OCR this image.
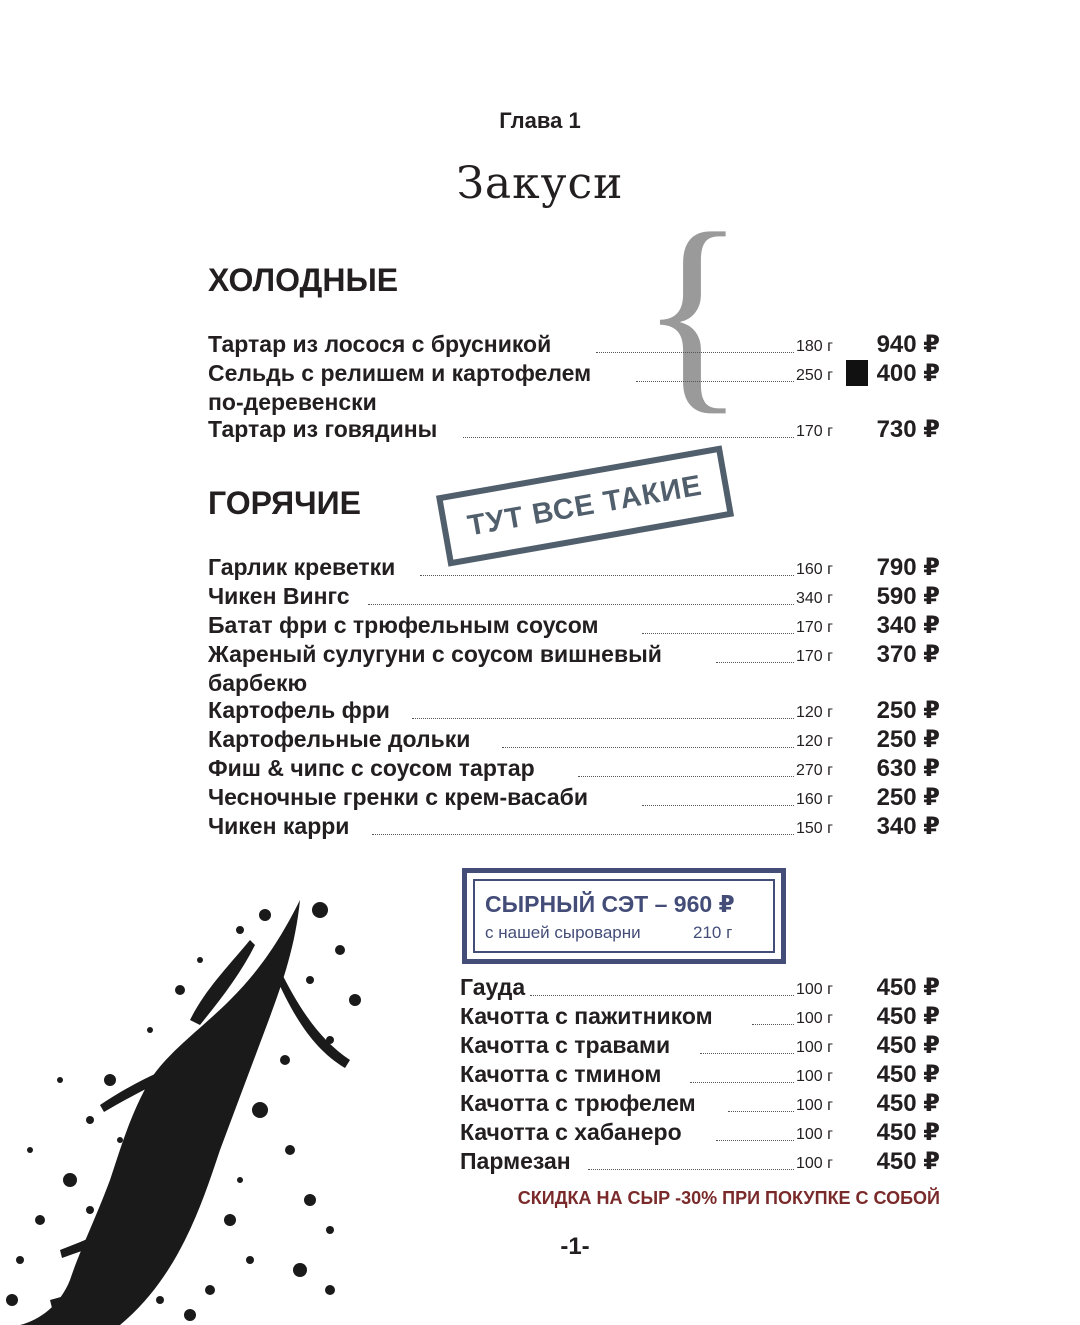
Глава 1
Закуси
{
ХОЛОДНЫЕ
Тартар из лосося с брусникой	180 г 940 ₽
Сельдь с релишем и картофелем	250 г 400 ₽
по-деревенски
Тартар из говядины	170 г 730 ₽
ГОРЯЧИЕ	ТУТ ВСЕ ТАКИЕ
Гарлик креветки	160 г 790 ₽
Чикен Вингс	340 г 590 ₽
Батат фри с трюфельным соусом	170 г 340 ₽
Жареный сулугуни с соусом вишневый	170 г 370 ₽
барбекю
Картофель фри	120 г 250 ₽
Картофельные дольки	120 г 250 ₽
Фиш & чипс с соусом тартар	270 г 630 ₽
Чесночные гренки с крем-васаби	160 г 250 ₽
Чикен карри	150 г 340 ₽
СЫРНЫЙ СЭТ – 960 ₽
с нашей сыроварни	210 г
Гауда	100 г 450 ₽
Качотта с пажитником	100 г 450 ₽
Качотта с травами	100 г 450 ₽
Качотта с тмином	100 г 450 ₽
Качотта с трюфелем	100 г 450 ₽
Качотта с хабанеро	100 г 450 ₽
Пармезан	100 г 450 ₽
СКИДКА НА СЫР -30% ПРИ ПОКУПКЕ С СОБОЙ
-1-
